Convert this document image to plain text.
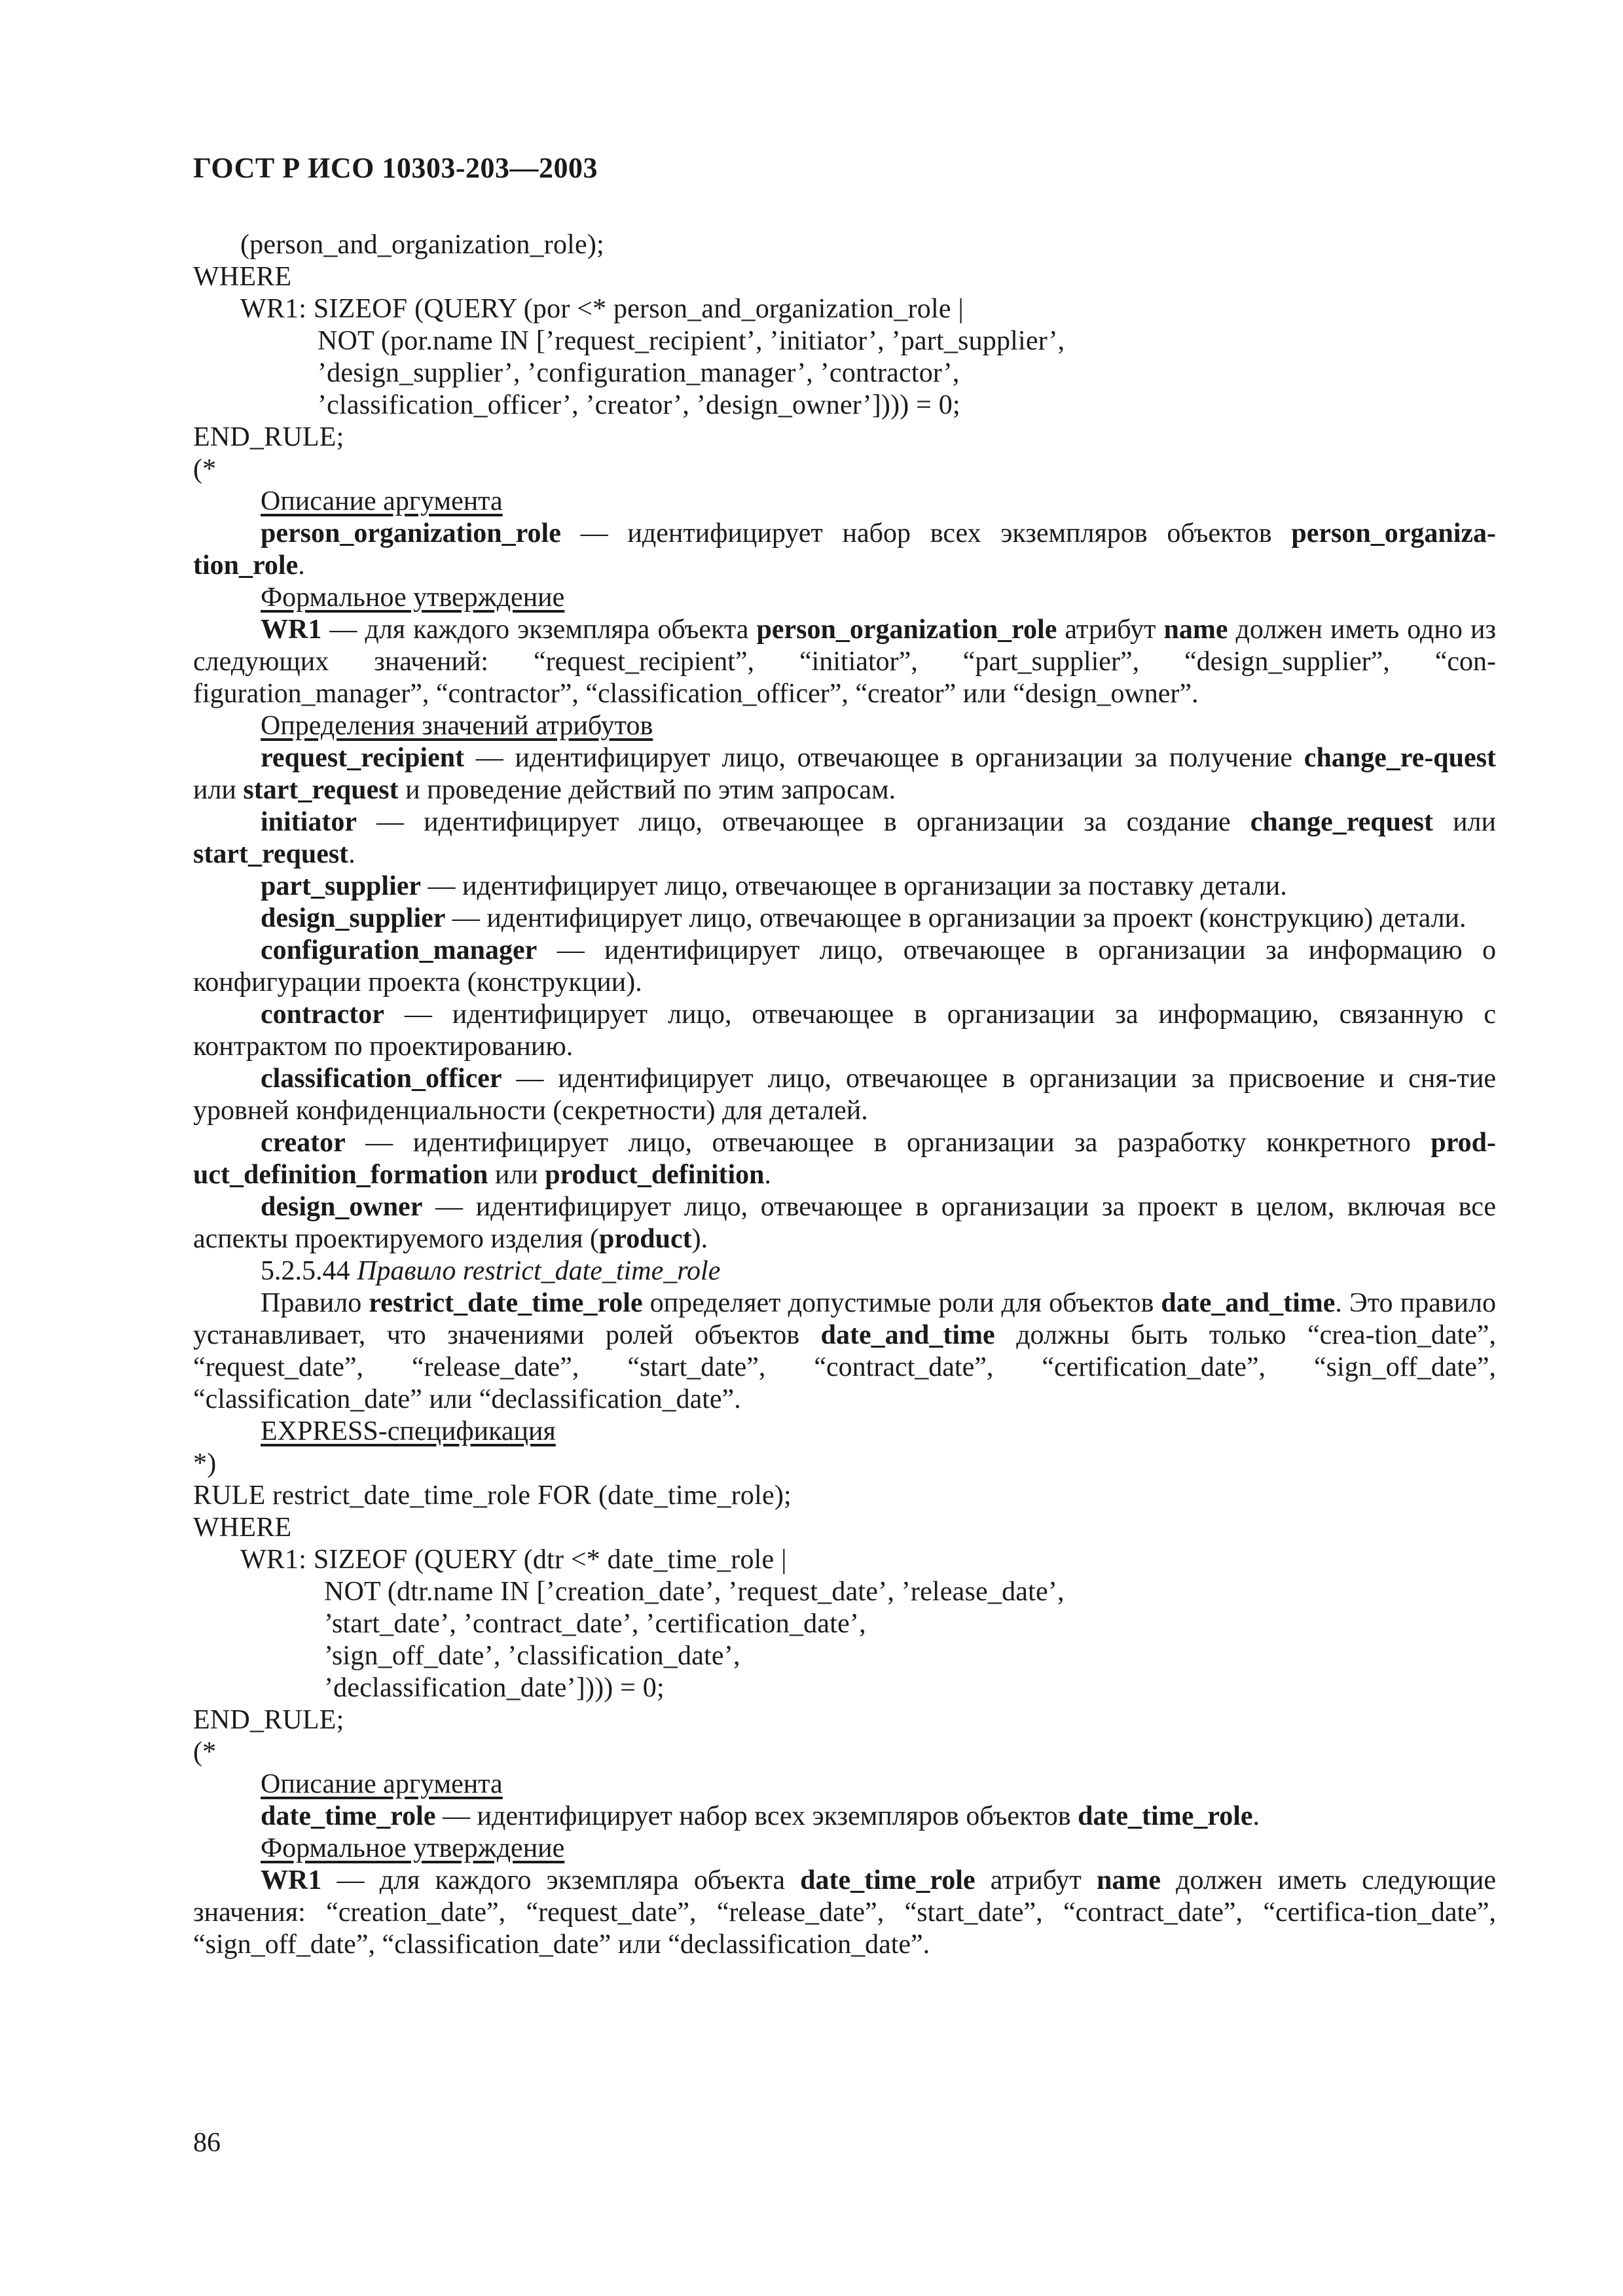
ГОСТ Р ИСО 10303-203—2003
(person_and_organization_role);
WHERE
WR1: SIZEOF (QUERY (por <* person_and_organization_role |
NOT (por.name IN [’request_recipient’, ’initiator’, ’part_supplier’,
’design_supplier’, ’configuration_manager’, ’contractor’,
’classification_officer’, ’creator’, ’design_owner’]))) = 0;
END_RULE;
(*
Описание аргумента
person_organization_role — идентифицирует набор всех экземпляров объектов person_organiza-tion_role.
Формальное утверждение
WR1 — для каждого экземпляра объекта person_organization_role атрибут name должен иметь одно из следующих значений: “request_recipient”, “initiator”, “part_supplier”, “design_supplier”, “con-figuration_manager”, “contractor”, “classification_officer”, “creator” или “design_owner”.
Определения значений атрибутов
request_recipient — идентифицирует лицо, отвечающее в организации за получение change_re-quest или start_request и проведение действий по этим запросам.
initiator — идентифицирует лицо, отвечающее в организации за создание change_request или start_request.
part_supplier — идентифицирует лицо, отвечающее в организации за поставку детали.
design_supplier — идентифицирует лицо, отвечающее в организации за проект (конструкцию) детали.
configuration_manager — идентифицирует лицо, отвечающее в организации за информацию о конфигурации проекта (конструкции).
contractor — идентифицирует лицо, отвечающее в организации за информацию, связанную с контрактом по проектированию.
classification_officer — идентифицирует лицо, отвечающее в организации за присвоение и сня-тие уровней конфиденциальности (секретности) для деталей.
creator — идентифицирует лицо, отвечающее в организации за разработку конкретного prod-uct_definition_formation или product_definition.
design_owner — идентифицирует лицо, отвечающее в организации за проект в целом, включая все аспекты проектируемого изделия (product).
5.2.5.44 Правило restrict_date_time_role
Правило restrict_date_time_role определяет допустимые роли для объектов date_and_time. Это правило устанавливает, что значениями ролей объектов date_and_time должны быть только “crea-tion_date”, “request_date”, “release_date”, “start_date”, “contract_date”, “certification_date”, “sign_off_date”, “classification_date” или “declassification_date”.
EXPRESS-спецификация
*)
RULE restrict_date_time_role FOR (date_time_role);
WHERE
WR1: SIZEOF (QUERY (dtr <* date_time_role |
NOT (dtr.name IN [’creation_date’, ’request_date’, ’release_date’,
’start_date’, ’contract_date’, ’certification_date’,
’sign_off_date’, ’classification_date’,
’declassification_date’]))) = 0;
END_RULE;
(*
Описание аргумента
date_time_role — идентифицирует набор всех экземпляров объектов date_time_role.
Формальное утверждение
WR1 — для каждого экземпляра объекта date_time_role атрибут name должен иметь следующие значения: “creation_date”, “request_date”, “release_date”, “start_date”, “contract_date”, “certifica-tion_date”, “sign_off_date”, “classification_date” или “declassification_date”.
86
